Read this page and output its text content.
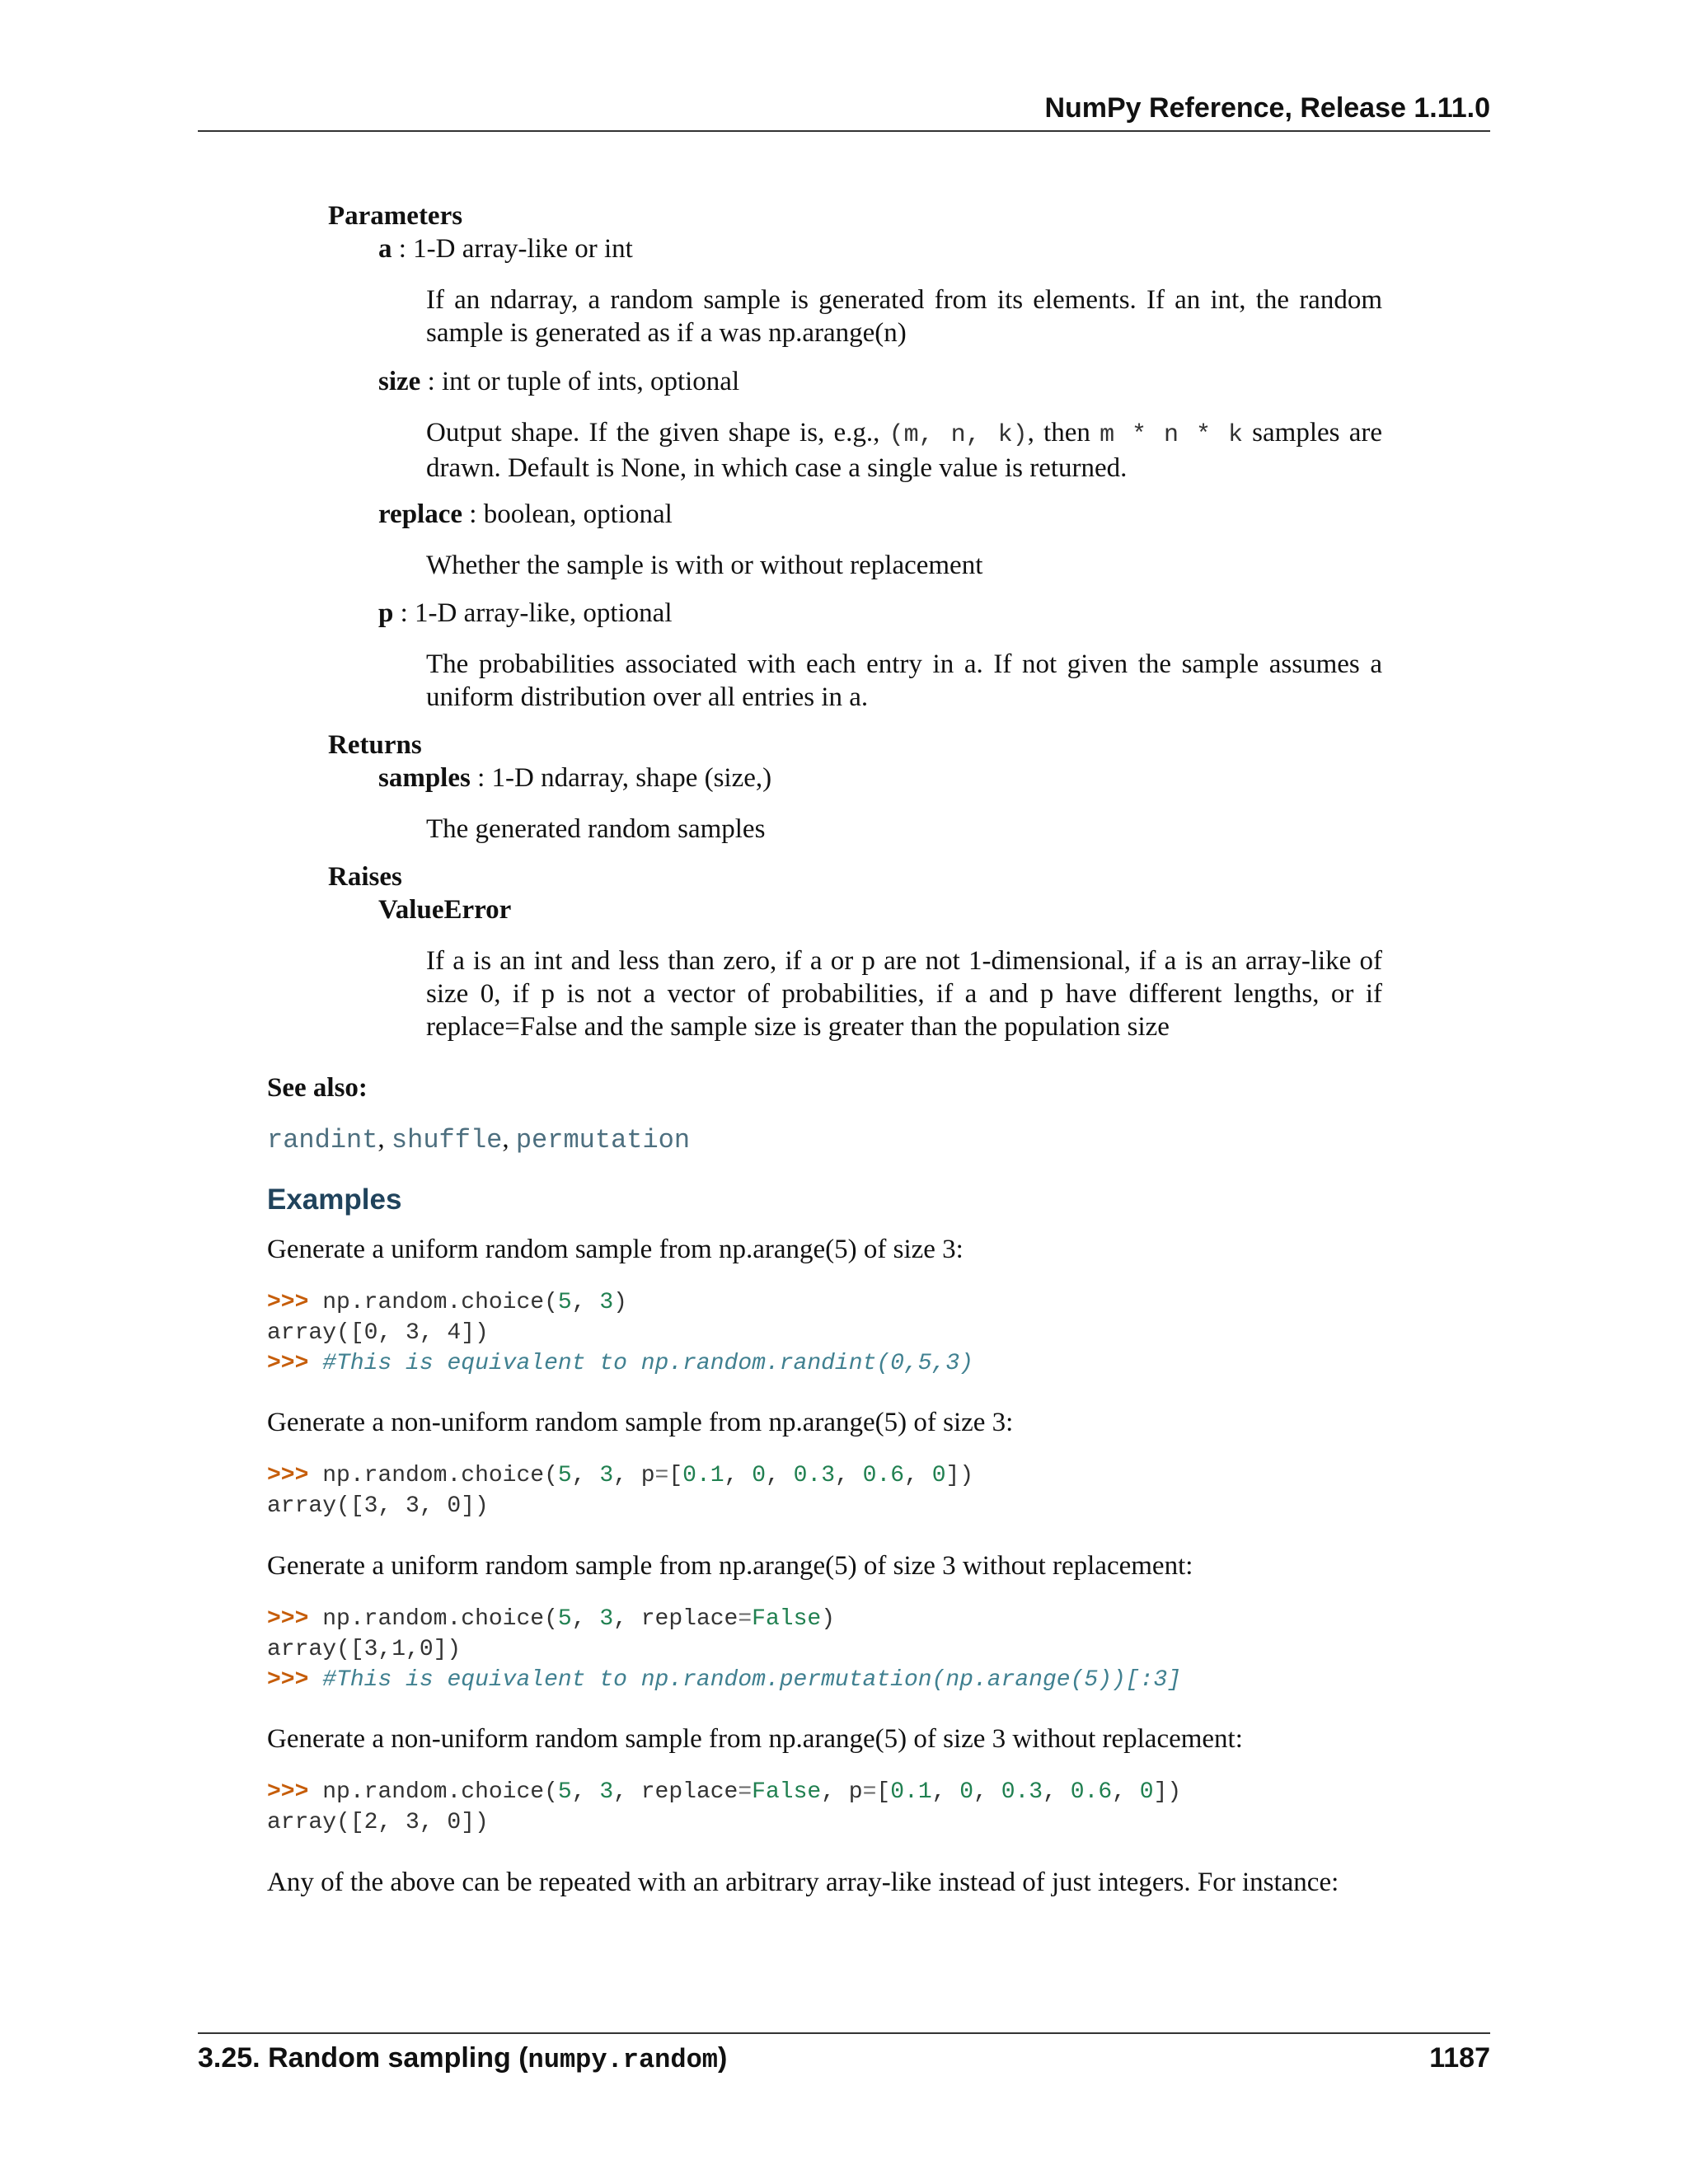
NumPy Reference, Release 1.11.0
Parameters
a : 1-D array-like or int

If an ndarray, a random sample is generated from its elements. If an int, the random sample is generated as if a was np.arange(n)

size : int or tuple of ints, optional

Output shape. If the given shape is, e.g., (m, n, k), then m * n * k samples are drawn. Default is None, in which case a single value is returned.

replace : boolean, optional

Whether the sample is with or without replacement

p : 1-D array-like, optional

The probabilities associated with each entry in a. If not given the sample assumes a uniform distribution over all entries in a.

Returns
samples : 1-D ndarray, shape (size,)

The generated random samples

Raises
ValueError

If a is an int and less than zero, if a or p are not 1-dimensional, if a is an array-like of size 0, if p is not a vector of probabilities, if a and p have different lengths, or if replace=False and the sample size is greater than the population size

See also:
randint, shuffle, permutation
Examples
Generate a uniform random sample from np.arange(5) of size 3:
>>> np.random.choice(5, 3)
array([0, 3, 4])
>>> #This is equivalent to np.random.randint(0,5,3)
Generate a non-uniform random sample from np.arange(5) of size 3:
>>> np.random.choice(5, 3, p=[0.1, 0, 0.3, 0.6, 0])
array([3, 3, 0])
Generate a uniform random sample from np.arange(5) of size 3 without replacement:
>>> np.random.choice(5, 3, replace=False)
array([3,1,0])
>>> #This is equivalent to np.random.permutation(np.arange(5))[:3]
Generate a non-uniform random sample from np.arange(5) of size 3 without replacement:
>>> np.random.choice(5, 3, replace=False, p=[0.1, 0, 0.3, 0.6, 0])
array([2, 3, 0])
Any of the above can be repeated with an arbitrary array-like instead of just integers. For instance:
3.25. Random sampling (numpy.random)	1187
